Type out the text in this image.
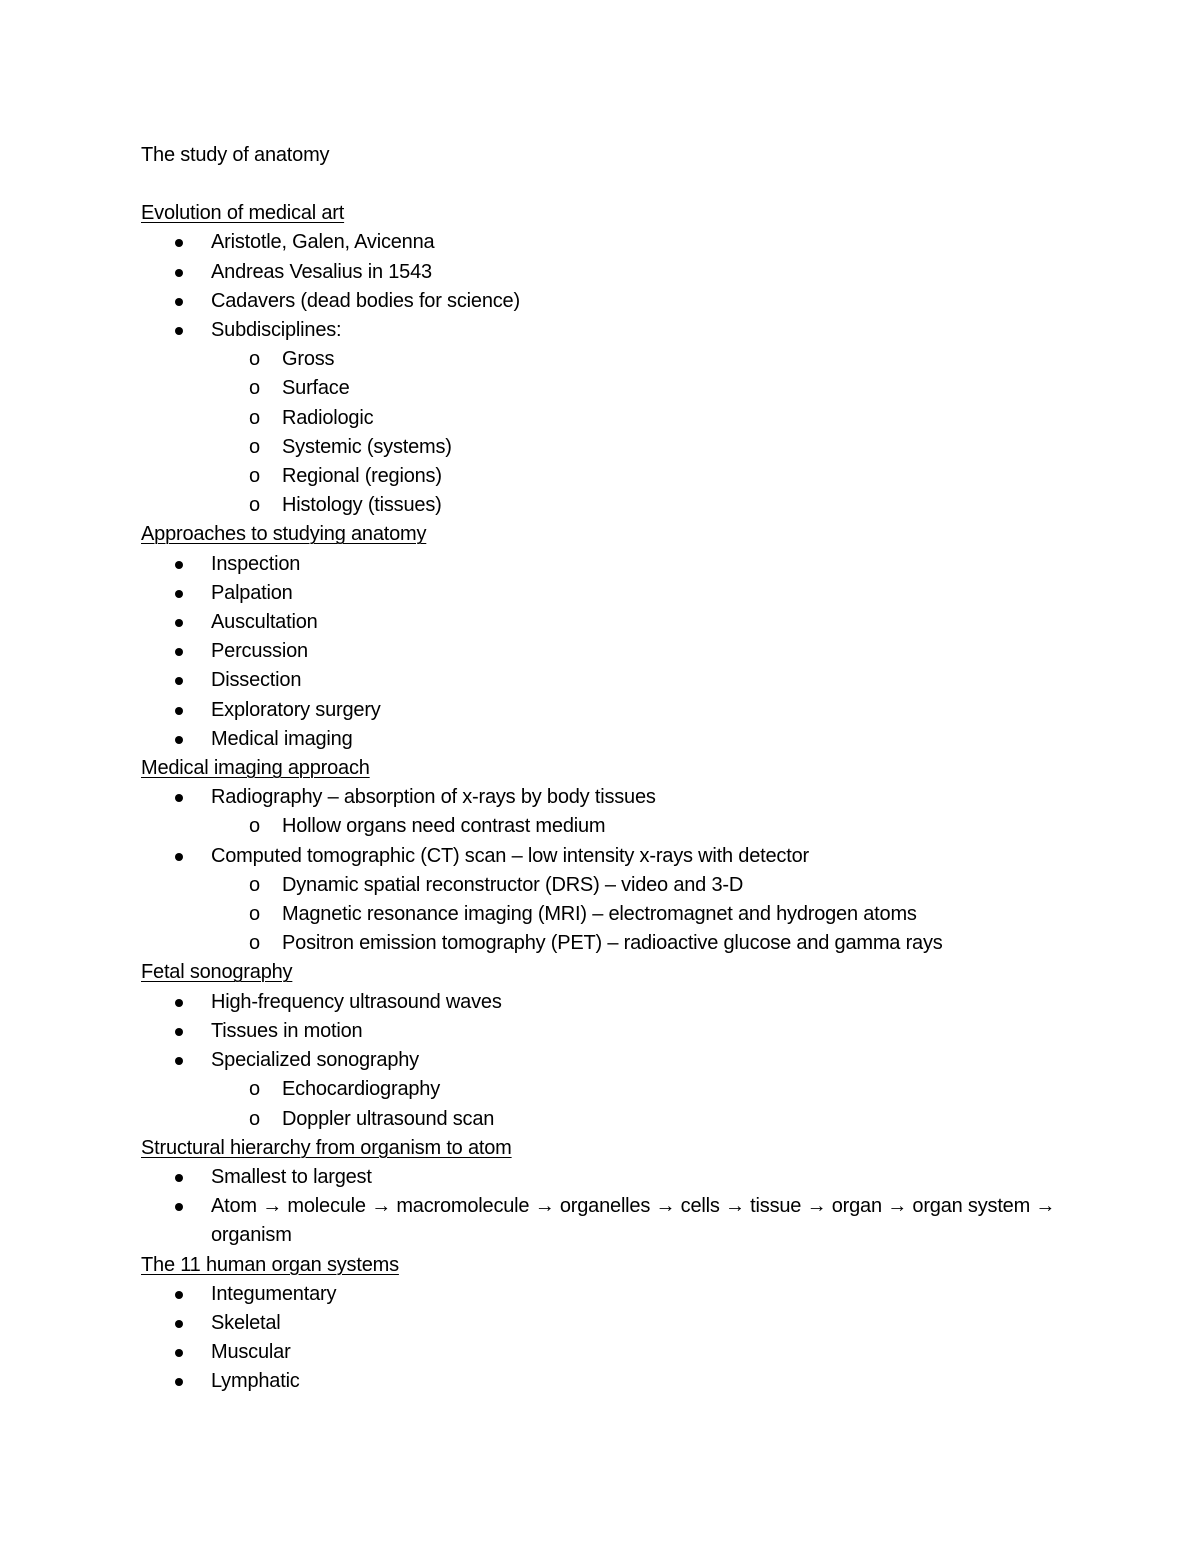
The study of anatomy
Evolution of medical art
Aristotle, Galen, Avicenna
Andreas Vesalius in 1543
Cadavers (dead bodies for science)
Subdisciplines:
o Gross
o Surface
o Radiologic
o Systemic (systems)
o Regional (regions)
o Histology (tissues)
Approaches to studying anatomy
Inspection
Palpation
Auscultation
Percussion
Dissection
Exploratory surgery
Medical imaging
Medical imaging approach
Radiography – absorption of x-rays by body tissues
o Hollow organs need contrast medium
Computed tomographic (CT) scan – low intensity x-rays with detector
o Dynamic spatial reconstructor (DRS) – video and 3-D
o Magnetic resonance imaging (MRI) – electromagnet and hydrogen atoms
o Positron emission tomography (PET) – radioactive glucose and gamma rays
Fetal sonography
High-frequency ultrasound waves
Tissues in motion
Specialized sonography
o Echocardiography
o Doppler ultrasound scan
Structural hierarchy from organism to atom
Smallest to largest
Atom → molecule → macromolecule → organelles → cells → tissue → organ → organ system → organism
The 11 human organ systems
Integumentary
Skeletal
Muscular
Lymphatic
